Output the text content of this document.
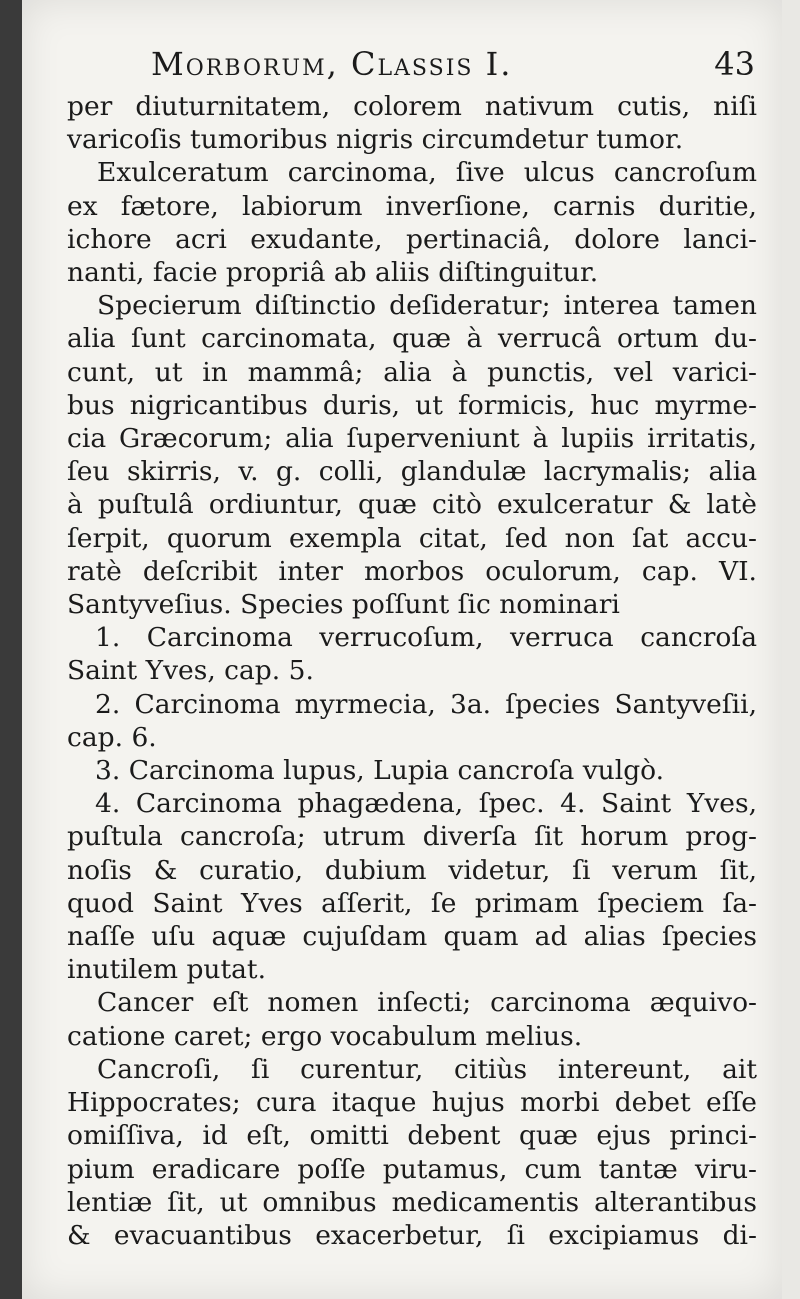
Morborum, Classis I.	43
per diuturnitatem, colorem nativum cutis, niſi
varicoſis tumoribus nigris circumdetur tumor.
Exulceratum carcinoma, ſive ulcus cancroſum
ex fætore, labiorum inverſione, carnis duritie,
ichore acri exudante, pertinaciâ, dolore lanci-
nanti, facie propriâ ab aliis diſtinguitur.
Specierum diſtinctio deſideratur; interea tamen
alia ſunt carcinomata, quæ à verrucâ ortum du-
cunt, ut in mammâ; alia à punctis, vel varici-
bus nigricantibus duris, ut formicis, huc myrme-
cia Græcorum; alia ſuperveniunt à lupiis irritatis,
ſeu skirris, v. g. colli, glandulæ lacrymalis; alia
à puſtulâ ordiuntur, quæ citò exulceratur & latè
ſerpit, quorum exempla citat, ſed non ſat accu-
ratè deſcribit inter morbos oculorum, cap. VI.
Santyveſius. Species poſſunt ſic nominari
1. Carcinoma verrucoſum, verruca cancroſa
Saint Yves, cap. 5.
2. Carcinoma myrmecia, 3a. ſpecies Santyveſii,
cap. 6.
3. Carcinoma lupus, Lupia cancroſa vulgò.
4. Carcinoma phagædena, ſpec. 4. Saint Yves,
puſtula cancroſa; utrum diverſa ſit horum prog-
noſis & curatio, dubium videtur, ſi verum ſit,
quod Saint Yves aſſerit, ſe primam ſpeciem ſa-
naſſe uſu aquæ cujuſdam quam ad alias ſpecies
inutilem putat.
Cancer eſt nomen inſecti; carcinoma æquivo-
catione caret; ergo vocabulum melius.
Cancroſi, ſi curentur, citiùs intereunt, ait
Hippocrates; cura itaque hujus morbi debet eſſe
omiſſiva, id eſt, omitti debent quæ ejus princi-
pium eradicare poſſe putamus, cum tantæ viru-
lentiæ ſit, ut omnibus medicamentis alterantibus
& evacuantibus exacerbetur, ſi excipiamus di-
